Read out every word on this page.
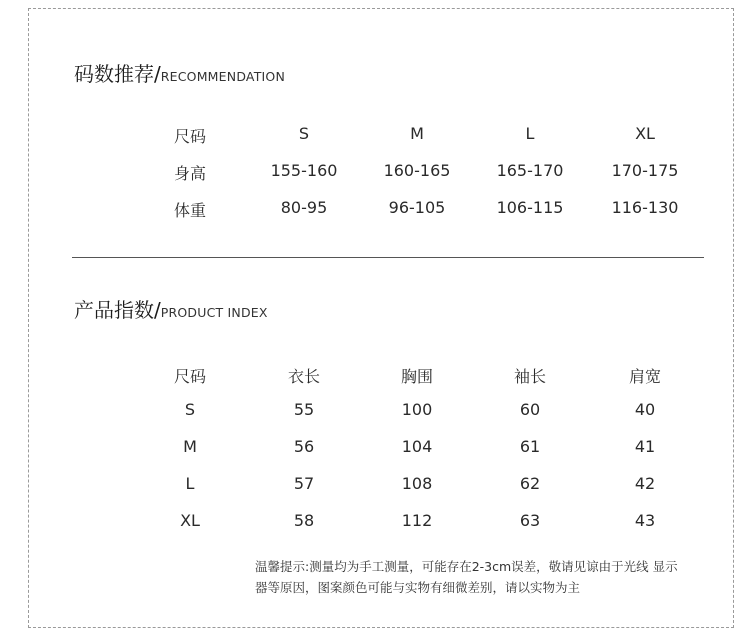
码数推荐/RECOMMENDATION
尺码	S	M	L	XL
身高	155-160	160-165	165-170	170-175
体重	80-95	96-105	106-115	116-130
产品指数/PRODUCT INDEX
尺码	衣长	胸围	袖长	肩宽
S	55	100	60	40
M	56	104	61	41
L	57	108	62	42
XL	58	112	63	43
温馨提示:测量均为手工测量，可能存在2-3cm误差，敬请见谅由于光线 显示
器等原因，图案颜色可能与实物有细微差别，请以实物为主
